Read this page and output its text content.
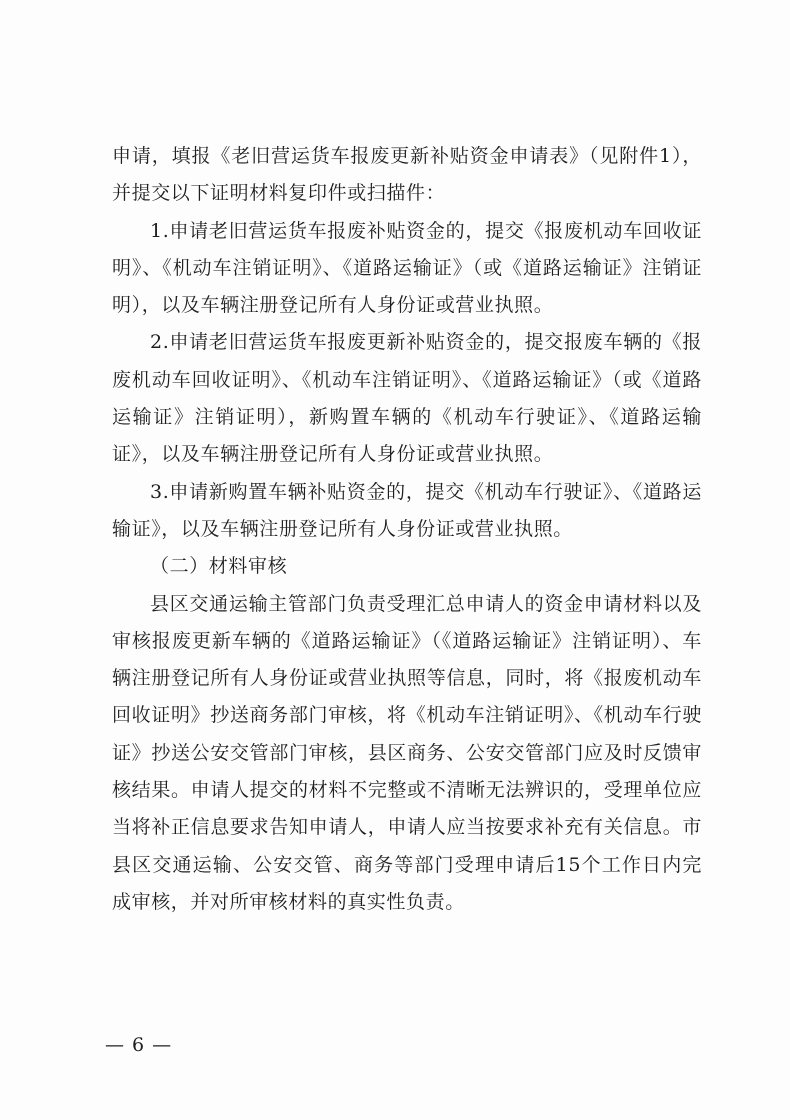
申请，填报《老旧营运货车报废更新补贴资金申请表》（见附件1），并提交以下证明材料复印件或扫描件：

1.申请老旧营运货车报废补贴资金的，提交《报废机动车回收证明》、《机动车注销证明》、《道路运输证》（或《道路运输证》注销证明），以及车辆注册登记所有人身份证或营业执照。

2.申请老旧营运货车报废更新补贴资金的，提交报废车辆的《报废机动车回收证明》、《机动车注销证明》、《道路运输证》（或《道路运输证》注销证明），新购置车辆的《机动车行驶证》、《道路运输证》，以及车辆注册登记所有人身份证或营业执照。

3.申请新购置车辆补贴资金的，提交《机动车行驶证》、《道路运输证》，以及车辆注册登记所有人身份证或营业执照。

（二）材料审核

县区交通运输主管部门负责受理汇总申请人的资金申请材料以及审核报废更新车辆的《道路运输证》（《道路运输证》注销证明）、车辆注册登记所有人身份证或营业执照等信息，同时，将《报废机动车回收证明》抄送商务部门审核，将《机动车注销证明》、《机动车行驶证》抄送公安交管部门审核，县区商务、公安交管部门应及时反馈审核结果。申请人提交的材料不完整或不清晰无法辨识的，受理单位应当将补正信息要求告知申请人，申请人应当按要求补充有关信息。市县区交通运输、公安交管、商务等部门受理申请后15个工作日内完成审核，并对所审核材料的真实性负责。

— 6 —
